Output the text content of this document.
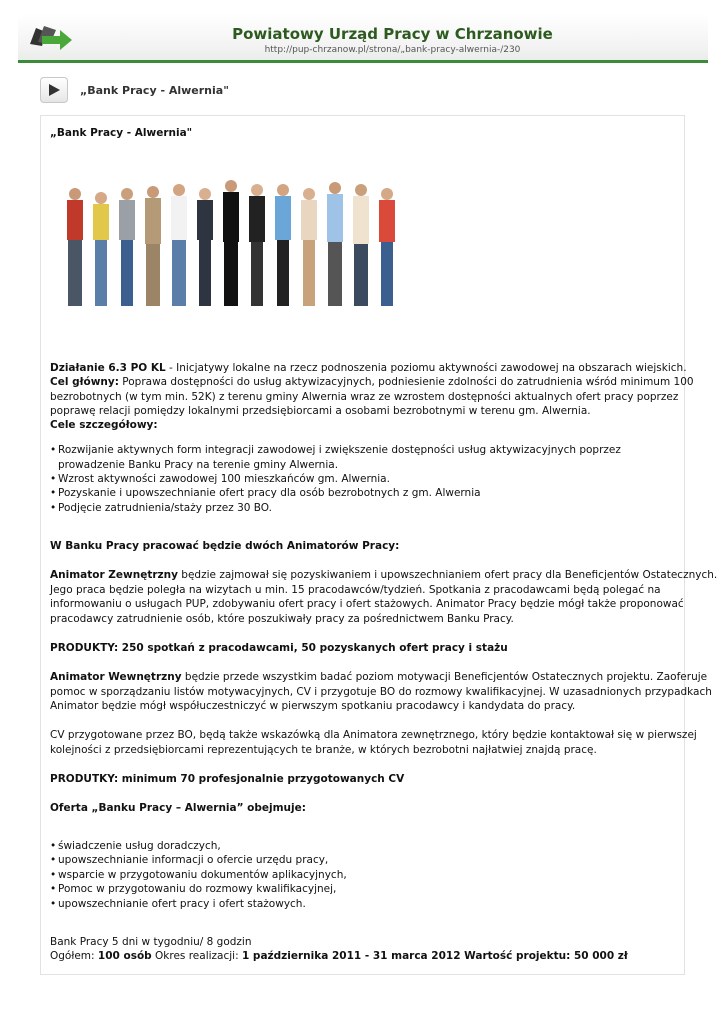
Powiatowy Urząd Pracy w Chrzanowie
http://pup-chrzanow.pl/strona/„bank-pracy-alwernia-/230
„Bank Pracy - Alwernia"
„Bank Pracy - Alwernia"
Działanie 6.3 PO KL - Inicjatywy lokalne na rzecz podnoszenia poziomu aktywności zawodowej na obszarach wiejskich.
Cel główny: Poprawa dostępności do usług aktywizacyjnych, podniesienie zdolności do zatrudnienia wśród minimum 100
bezrobotnych (w tym min. 52K) z terenu gminy Alwernia wraz ze wzrostem dostępności aktualnych ofert pracy poprzez
poprawę relacji pomiędzy lokalnymi przedsiębiorcami a osobami bezrobotnymi w terenu gm. Alwernia.
Cele szczegółowy:
• Rozwijanie aktywnych form integracji zawodowej i zwiększenie dostępności usług aktywizacyjnych poprzez
prowadzenie Banku Pracy na terenie gminy Alwernia.
• Wzrost aktywności zawodowej 100 mieszkańców gm. Alwernia.
• Pozyskanie i upowszechnianie ofert pracy dla osób bezrobotnych z gm. Alwernia
• Podjęcie zatrudnienia/staży przez 30 BO.
W Banku Pracy pracować będzie dwóch Animatorów Pracy:
Animator Zewnętrzny będzie zajmował się pozyskiwaniem i upowszechnianiem ofert pracy dla Beneficjentów Ostatecznych.
Jego praca będzie poległa na wizytach u min. 15 pracodawców/tydzień. Spotkania z pracodawcami będą polegać na
informowaniu o usługach PUP, zdobywaniu ofert pracy i ofert stażowych. Animator Pracy będzie mógł także proponować
pracodawcy zatrudnienie osób, które poszukiwały pracy za pośrednictwem Banku Pracy.
PRODUKTY: 250 spotkań z pracodawcami, 50 pozyskanych ofert pracy i stażu
Animator Wewnętrzny będzie przede wszystkim badać poziom motywacji Beneficjentów Ostatecznych projektu. Zaoferuje
pomoc w sporządzaniu listów motywacyjnych, CV i przygotuje BO do rozmowy kwalifikacyjnej. W uzasadnionych przypadkach
Animator będzie mógł współuczestniczyć w pierwszym spotkaniu pracodawcy i kandydata do pracy.
CV przygotowane przez BO, będą także wskazówką dla Animatora zewnętrznego, który będzie kontaktował się w pierwszej
kolejności z przedsiębiorcami reprezentujących te branże, w których bezrobotni najłatwiej znajdą pracę.
PRODUTKY: minimum 70 profesjonalnie przygotowanych CV
Oferta „Banku Pracy – Alwernia” obejmuje:
• świadczenie usług doradczych,
• upowszechnianie informacji o ofercie urzędu pracy,
• wsparcie w przygotowaniu dokumentów aplikacyjnych,
• Pomoc w przygotowaniu do rozmowy kwalifikacyjnej,
• upowszechnianie ofert pracy i ofert stażowych.
Bank Pracy 5 dni w tygodniu/ 8 godzin
Ogółem: 100 osób Okres realizacji: 1 października 2011 - 31 marca 2012 Wartość projektu: 50 000 zł
